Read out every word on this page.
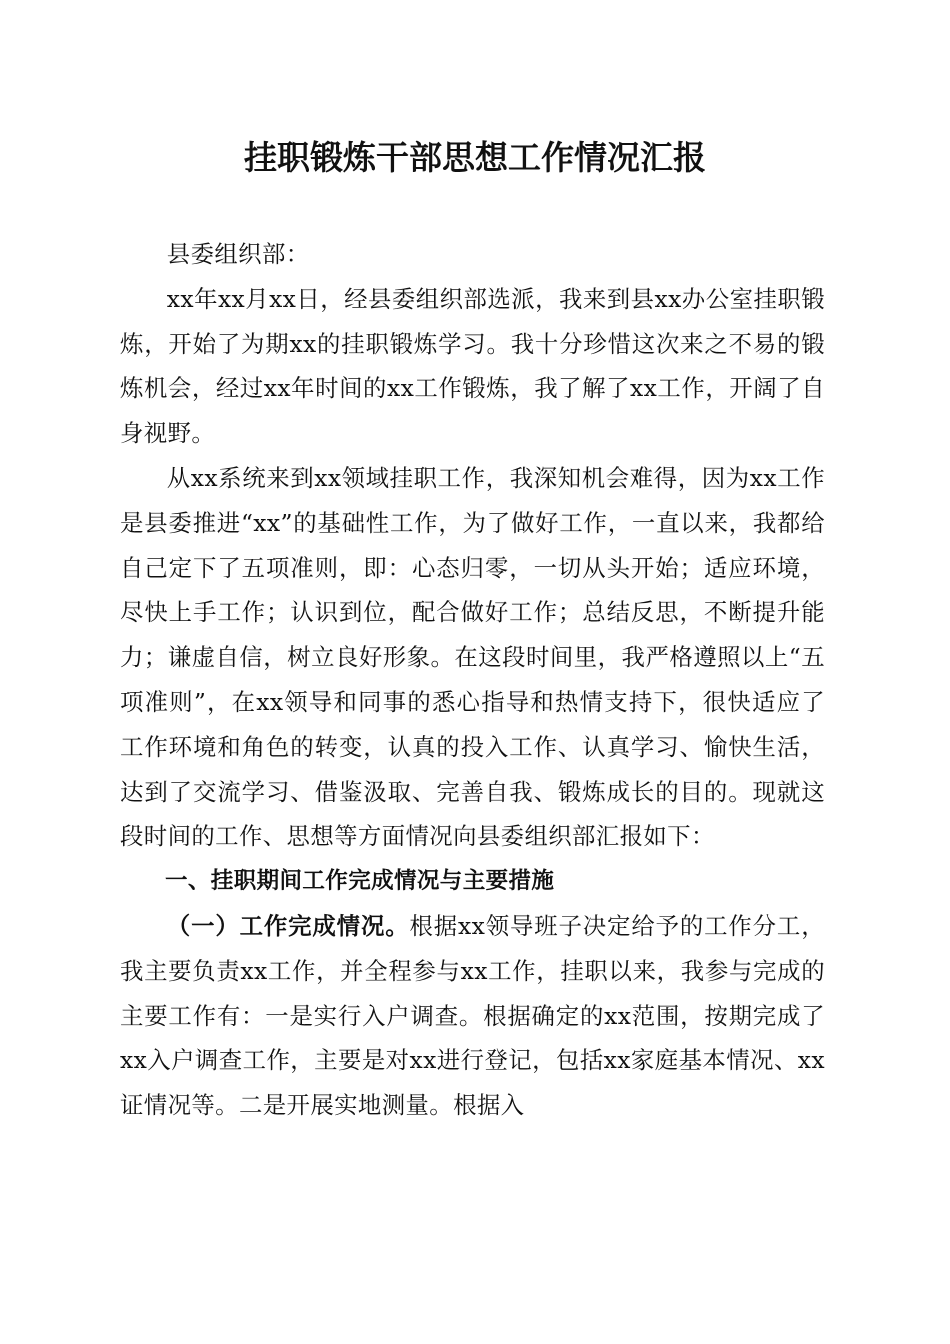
挂职锻炼干部思想工作情况汇报

县委组织部：

xx年xx月xx日，经县委组织部选派，我来到县xx办公室挂职锻炼，开始了为期xx的挂职锻炼学习。我十分珍惜这次来之不易的锻炼机会，经过xx年时间的xx工作锻炼，我了解了xx工作，开阔了自身视野。

从xx系统来到xx领域挂职工作，我深知机会难得，因为xx工作是县委推进“xx”的基础性工作，为了做好工作，一直以来，我都给自己定下了五项准则，即：心态归零，一切从头开始；适应环境，尽快上手工作；认识到位，配合做好工作；总结反思，不断提升能力；谦虚自信，树立良好形象。在这段时间里，我严格遵照以上“五项准则”，在xx领导和同事的悉心指导和热情支持下，很快适应了工作环境和角色的转变，认真的投入工作、认真学习、愉快生活，达到了交流学习、借鉴汲取、完善自我、锻炼成长的目的。现就这段时间的工作、思想等方面情况向县委组织部汇报如下：

一、挂职期间工作完成情况与主要措施

（一）工作完成情况。根据xx领导班子决定给予的工作分工，我主要负责xx工作，并全程参与xx工作，挂职以来，我参与完成的主要工作有：一是实行入户调查。根据确定的xx范围，按期完成了xx入户调查工作，主要是对xx进行登记，包括xx家庭基本情况、xx证情况等。二是开展实地测量。根据入
